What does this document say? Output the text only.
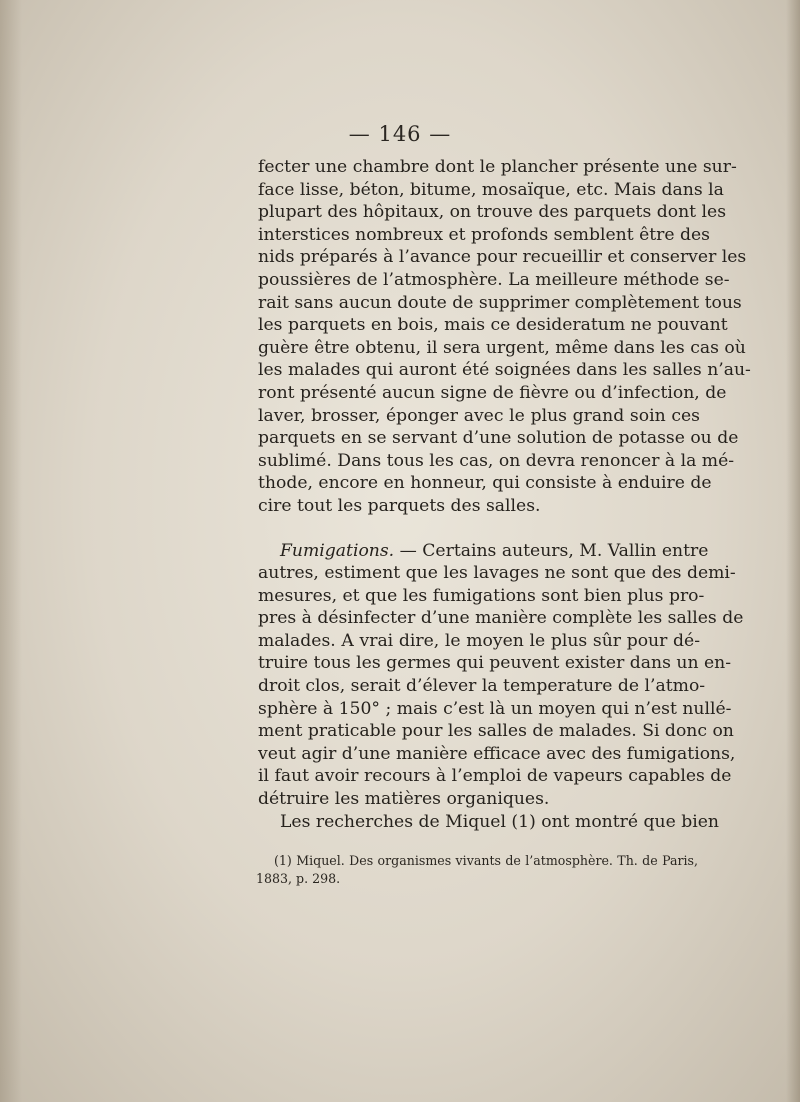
— 146 —
fecter une chambre dont le plancher présente une sur-
face lisse, béton, bitume, mosaïque, etc. Mais dans la
plupart des hôpitaux, on trouve des parquets dont les
interstices nombreux et profonds semblent être des
nids préparés à l’avance pour recueillir et conserver les
poussières de l’atmosphère. La meilleure méthode se-
rait sans aucun doute de supprimer complètement tous
les parquets en bois, mais ce desideratum ne pouvant
guère être obtenu, il sera urgent, même dans les cas où
les malades qui auront été soignées dans les salles n’au-
ront présenté aucun signe de fièvre ou d’infection, de
laver, brosser, éponger avec le plus grand soin ces
parquets en se servant d’une solution de potasse ou de
sublimé. Dans tous les cas, on devra renoncer à la mé-
thode, encore en honneur, qui consiste à enduire de
cire tout les parquets des salles.
Fumigations. — Certains auteurs, M. Vallin entre
autres, estiment que les lavages ne sont que des demi-
mesures, et que les fumigations sont bien plus pro-
pres à désinfecter d’une manière complète les salles de
malades. A vrai dire, le moyen le plus sûr pour dé-
truire tous les germes qui peuvent exister dans un en-
droit clos, serait d’élever la temperature de l’atmo-
sphère à 150° ; mais c’est là un moyen qui n’est nullé-
ment praticable pour les salles de malades. Si donc on
veut agir d’une manière efficace avec des fumigations,
il faut avoir recours à l’emploi de vapeurs capables de
détruire les matières organiques.
Les recherches de Miquel (1) ont montré que bien
(1) Miquel. Des organismes vivants de l’atmosphère. Th. de Paris,
1883, p. 298.
